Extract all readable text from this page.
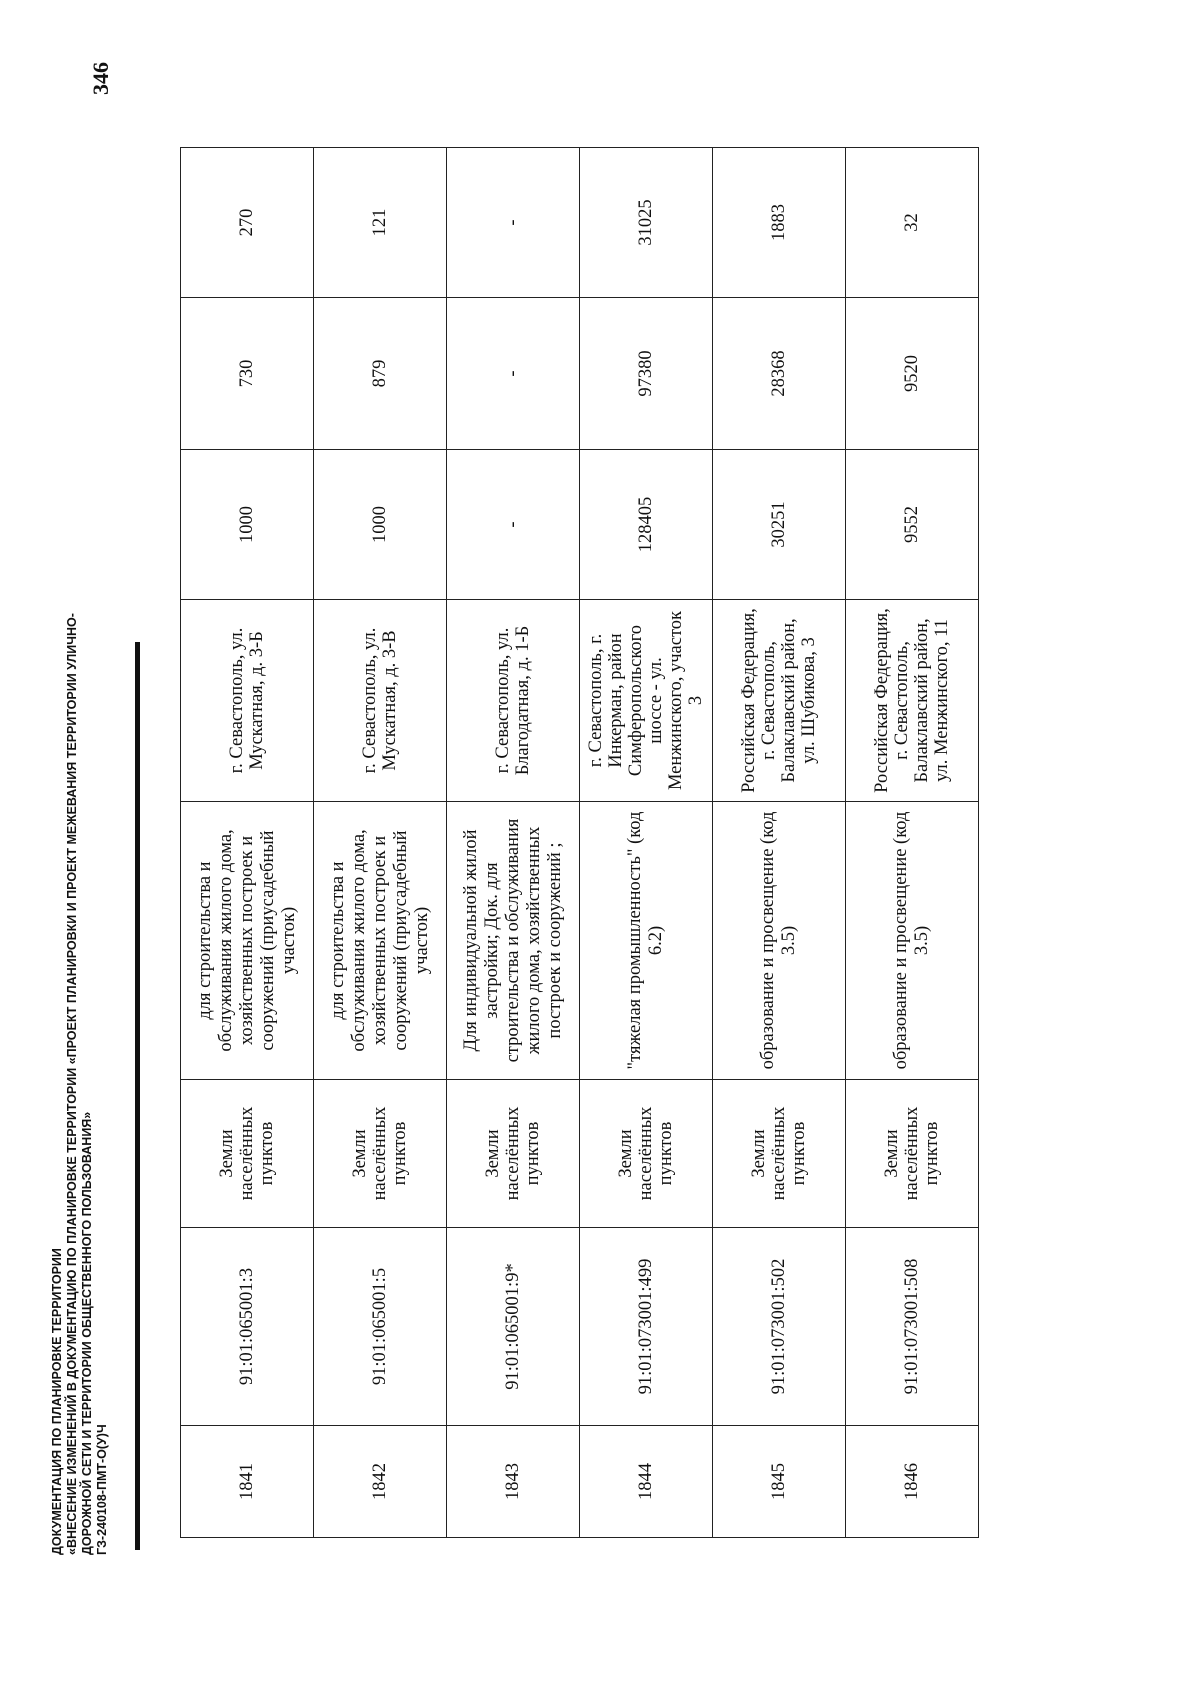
346
ДОКУМЕНТАЦИЯ ПО ПЛАНИРОВКЕ ТЕРРИТОРИИ «ВНЕСЕНИЕ ИЗМЕНЕНИЙ В ДОКУМЕНТАЦИЮ ПО ПЛАНИРОВКЕ ТЕРРИТОРИИ «ПРОЕКТ ПЛАНИРОВКИ И ПРОЕКТ МЕЖЕВАНИЯ ТЕРРИТОРИИ УЛИЧНО- ДОРОЖНОЙ СЕТИ И ТЕРРИТОРИИ ОБЩЕСТВЕННОГО ПОЛЬЗОВАНИЯ» ГЗ-240108-ПМТ-О(У)Ч	1841	91:01:065001:3	Земли населённых пунктов	для строительства и обслуживания жилого дома, хозяйственных построек и сооружений (приусадебный участок)	г. Севастополь, ул. Мускатная, д. 3-Б	1000	730	270
1842	91:01:065001:5	Земли населённых пунктов	для строительства и обслуживания жилого дома, хозяйственных построек и сооружений (приусадебный участок)	г. Севастополь, ул. Мускатная, д. 3-В	1000	879	121
1843	91:01:065001:9*	Земли населённых пунктов	Для индивидуальной жилой застройки; Док. для строительства и обслуживания жилого дома, хозяйственных построек и сооружений ;	г. Севастополь, ул. Благодатная, д. 1-Б	-	-	-
1844	91:01:073001:499	Земли населённых пунктов	"тяжелая промышленность" (код 6.2)	г. Севастополь, г. Инкерман, район Симферопольского шоссе - ул. Менжинского, участок 3	128405	97380	31025
1845	91:01:073001:502	Земли населённых пунктов	образование и просвещение (код 3.5)	Российская Федерация, г. Севастополь, Балаклавский район, ул. Шубикова, 3	30251	28368	1883
1846	91:01:073001:508	Земли населённых пунктов	образование и просвещение (код 3.5)	Российская Федерация, г. Севастополь, Балаклавский район, ул. Менжинского, 11	9552	9520	32
